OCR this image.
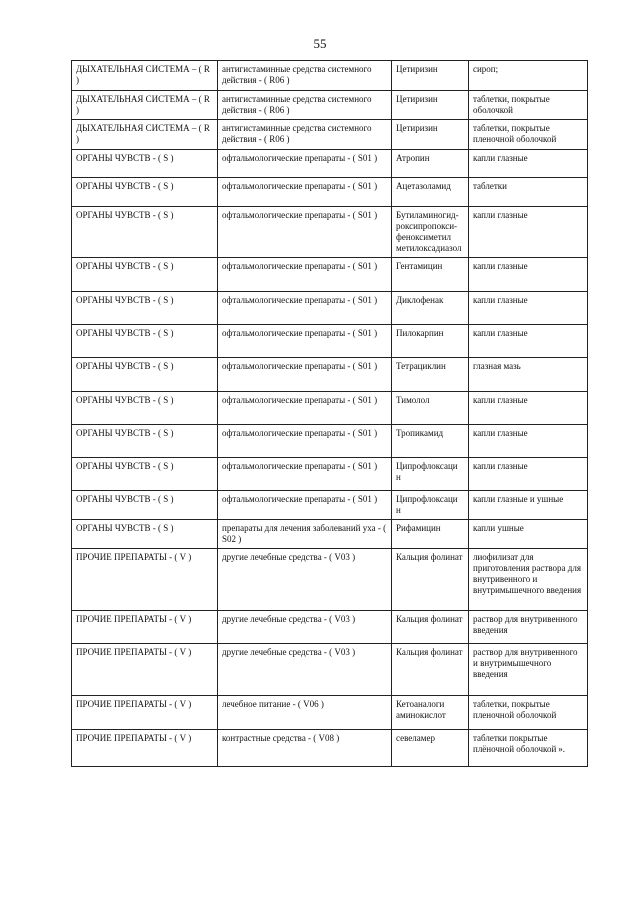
55
ДЫХАТЕЛЬНАЯ СИСТЕМА – ( R )	антигистаминные средства системного действия - ( R06 )	Цетиризин	сироп;
ДЫХАТЕЛЬНАЯ СИСТЕМА – ( R )	антигистаминные средства системного действия - ( R06 )	Цетиризин	таблетки, покрытые оболочкой
ДЫХАТЕЛЬНАЯ СИСТЕМА – ( R )	антигистаминные средства системного действия - ( R06 )	Цетиризин	таблетки, покрытые пленочной оболочкой
ОРГАНЫ ЧУВСТВ - ( S )	офтальмологические препараты - ( S01 )	Атропин	капли глазные
ОРГАНЫ ЧУВСТВ - ( S )	офтальмологические препараты - ( S01 )	Ацетазоламид	таблетки
ОРГАНЫ ЧУВСТВ - ( S )	офтальмологические препараты - ( S01 )	Бутиламиногид-роксипропокси-феноксиметил метилоксадиазол	капли глазные
ОРГАНЫ ЧУВСТВ - ( S )	офтальмологические препараты - ( S01 )	Гентамицин	капли глазные
ОРГАНЫ ЧУВСТВ - ( S )	офтальмологические препараты - ( S01 )	Диклофенак	капли глазные
ОРГАНЫ ЧУВСТВ - ( S )	офтальмологические препараты - ( S01 )	Пилокарпин	капли глазные
ОРГАНЫ ЧУВСТВ - ( S )	офтальмологические препараты - ( S01 )	Тетрациклин	глазная мазь
ОРГАНЫ ЧУВСТВ - ( S )	офтальмологические препараты - ( S01 )	Тимолол	капли глазные
ОРГАНЫ ЧУВСТВ - ( S )	офтальмологические препараты - ( S01 )	Тропикамид	капли глазные
ОРГАНЫ ЧУВСТВ - ( S )	офтальмологические препараты - ( S01 )	Ципрофлоксаци н	капли глазные
ОРГАНЫ ЧУВСТВ - ( S )	офтальмологические препараты - ( S01 )	Ципрофлоксаци н	капли глазные и ушные
ОРГАНЫ ЧУВСТВ - ( S )	препараты для лечения заболеваний уха - ( S02 )	Рифамицин	капли ушные
ПРОЧИЕ ПРЕПАРАТЫ - ( V )	другие лечебные средства - ( V03 )	Кальция фолинат	лиофилизат для приготовления раствора для внутривенного и внутримышечного введения
ПРОЧИЕ ПРЕПАРАТЫ - ( V )	другие лечебные средства - ( V03 )	Кальция фолинат	раствор для внутривенного введения
ПРОЧИЕ ПРЕПАРАТЫ - ( V )	другие лечебные средства - ( V03 )	Кальция фолинат	раствор для внутривенного и внутримышечного введения
ПРОЧИЕ ПРЕПАРАТЫ - ( V )	лечебное питание - ( V06 )	Кетоаналоги аминокислот	таблетки, покрытые пленочной оболочкой
ПРОЧИЕ ПРЕПАРАТЫ - ( V )	контрастные средства - ( V08 )	севеламер	таблетки покрытые плёночной оболочкой ».
